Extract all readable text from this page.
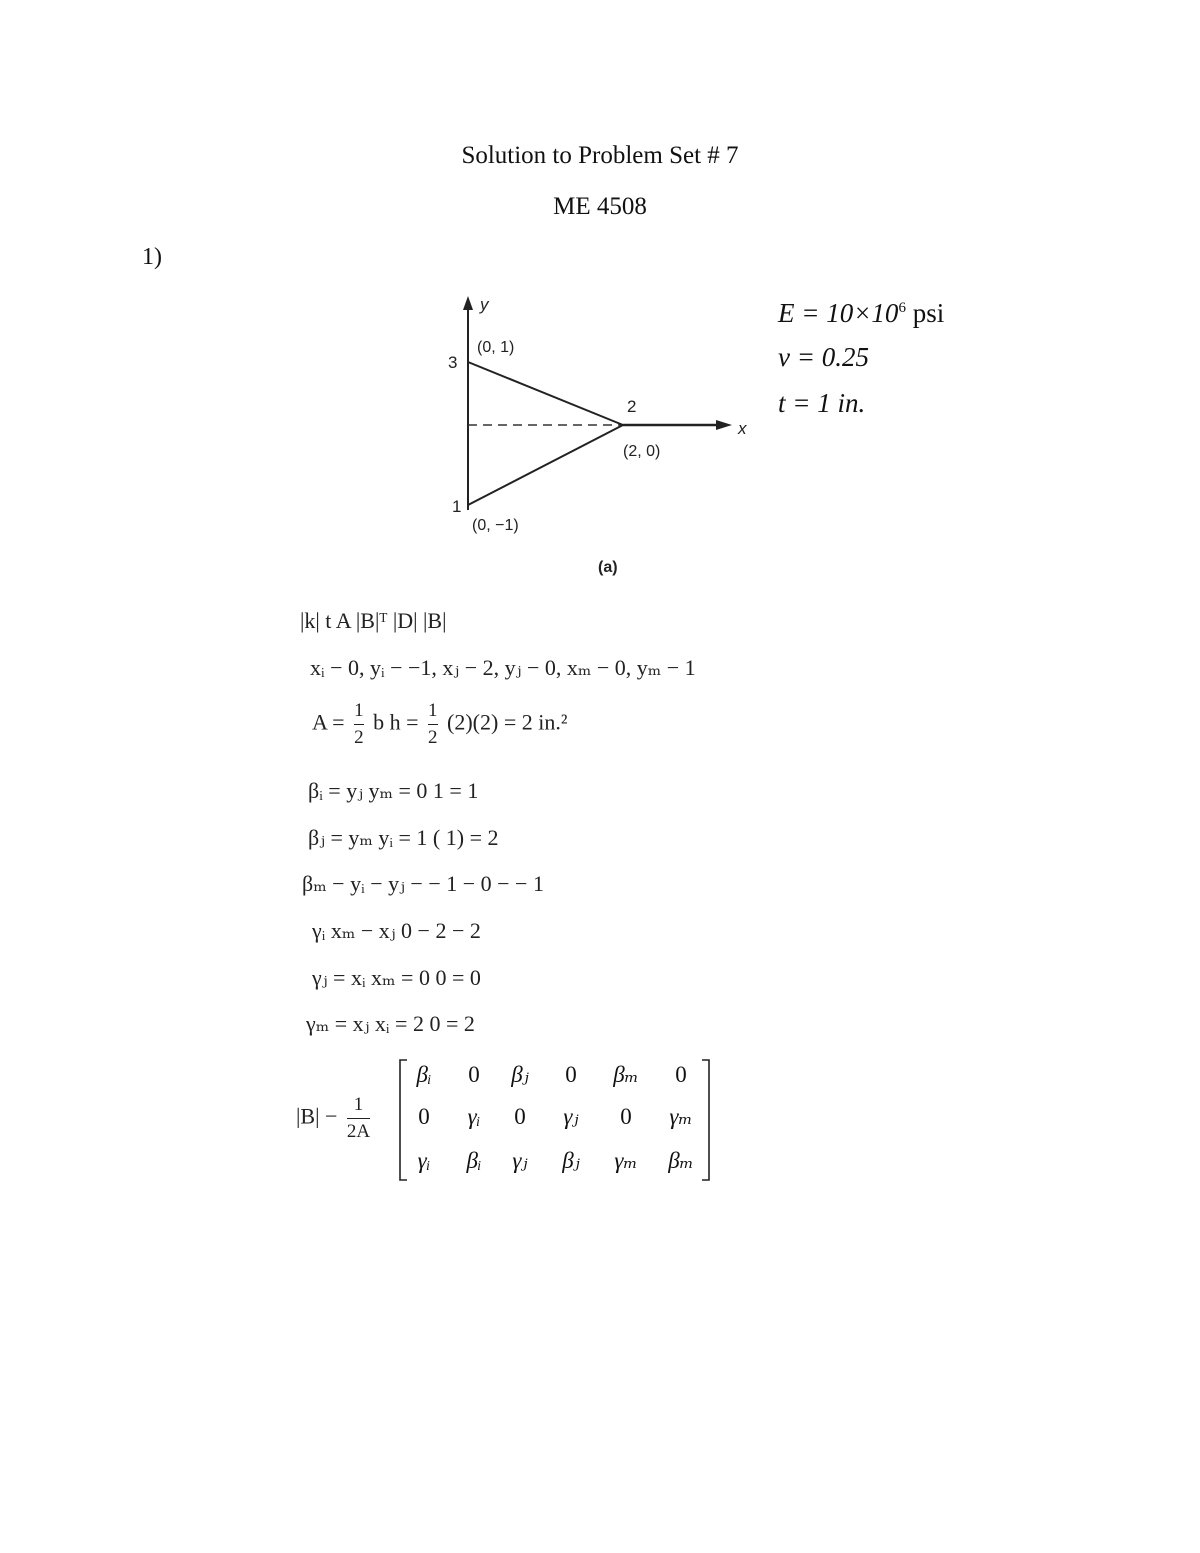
Solution to Problem Set # 7
ME 4508
1)
y
x
3
(0, 1)
2
(2, 0)
1
(0, −1)
(a)
$E = 10\times 10^6$ psi
ν = 0.25
t = 1 in.
|k| t A |B|ᵀ |D| |B|
xᵢ − 0, yᵢ − −1, xⱼ − 2, yⱼ − 0, xₘ − 0, yₘ − 1
$A = \frac{1}{2}$ b $h = \frac{1}{2} (2)(2) = 2$ in.²
βᵢ = yⱼ yₘ = 0 1 = 1
βⱼ = yₘ yᵢ = 1 ( 1) = 2
βₘ − yᵢ − yⱼ − − 1 − 0 − − 1
γᵢ xₘ − xⱼ 0 − 2 − 2
γⱼ = xᵢ xₘ = 0 0 = 0
γₘ = xⱼ xᵢ = 2 0 = 2
$|B| - \frac{1}{2A}$
βᵢ	0	βⱼ	0	βₘ	0
0	γᵢ	0	γⱼ	0	γₘ
γᵢ	βᵢ	γⱼ	βⱼ	γₘ	βₘ
